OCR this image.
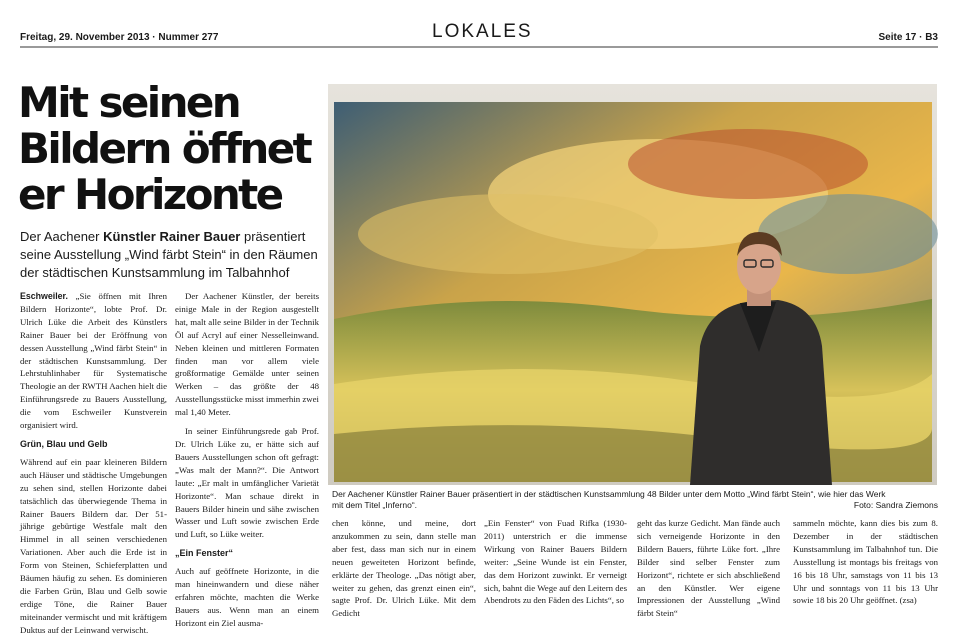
Freitag, 29. November 2013 · Nummer 277	LOKALES	Seite 17 · B3
Mit seinen
Bildern öffnet
er Horizonte
Der Aachener Künstler Rainer Bauer präsentiert
seine Ausstellung „Wind färbt Stein“ in den Räumen
der städtischen Kunstsammlung im Talbahnhof

Eschweiler. „Sie öffnen mit Ihren Bildern Horizonte“, lobte Prof. Dr. Ulrich Lüke die Arbeit des Künstlers Rainer Bauer bei der Eröffnung von dessen Ausstellung „Wind färbt Stein“ in der städtischen Kunstsammlung. Der Lehrstuhlinhaber für Systematische Theologie an der RWTH Aachen hielt die Einführungsrede zu Bauers Ausstellung, die vom Eschweiler Kunstverein organisiert wird.

Grün, Blau und Gelb

Während auf ein paar kleineren Bildern auch Häuser und städtische Umgebungen zu sehen sind, stellen Horizonte dabei tatsächlich das überwiegende Thema in Rainer Bauers Bildern dar. Der 51-jährige gebürtige Westfale malt den Himmel in all seinen verschiedenen Variationen. Aber auch die Erde ist in Form von Steinen, Schieferplatten und Bäumen häufig zu sehen. Es dominieren die Farben Grün, Blau und Gelb sowie erdige Töne, die Rainer Bauer miteinander vermischt und mit kräftigem Duktus auf der Leinwand verwischt.

Der Aachener Künstler, der bereits einige Male in der Region ausgestellt hat, malt alle seine Bilder in der Technik Öl auf Acryl auf einer Nesselleinwand. Neben kleinen und mittleren Formaten finden man vor allem viele großformatige Gemälde unter seinen Werken – das größte der 48 Ausstellungsstücke misst immerhin zwei mal 1,40 Meter.

In seiner Einführungsrede gab Prof. Dr. Ulrich Lüke zu, er hätte sich auf Bauers Ausstellungen schon oft gefragt: „Was malt der Mann?“. Die Antwort laute: „Er malt in umfänglicher Varietät Horizonte“. Man schaue direkt in Bauers Bilder hinein und sähe zwischen Wasser und Luft sowie zwischen Erde und Luft, so Lüke weiter.

„Ein Fenster“

Auch auf geöffnete Horizonte, in die man hineinwandern und diese näher erfahren möchte, machten die Werke Bauers aus. Wenn man an einem Horizont ein Ziel ausma-

Der Aachener Künstler Rainer Bauer präsentiert in der städtischen Kunstsammlung 48 Bilder unter dem Motto „Wind färbt Stein“, wie hier das Werk
mit dem Titel „Inferno“.	Foto: Sandra Ziemons

chen könne, und meine, dort anzukommen zu sein, dann stelle man aber fest, dass man sich nur in einem neuen geweiteten Horizont befinde, erklärte der Theologe. „Das nötigt aber, weiter zu gehen, das grenzt einen ein“, sagte Prof. Dr. Ulrich Lüke. Mit dem Gedicht

„Ein Fenster“ von Fuad Rifka (1930-2011) unterstrich er die immense Wirkung von Rainer Bauers Bildern weiter: „Seine Wunde ist ein Fenster, das dem Horizont zuwinkt. Er verneigt sich, bahnt die Wege auf den Leitern des Abendrots zu den Fäden des Lichts“, so

geht das kurze Gedicht. Man fände auch sich verneigende Horizonte in den Bildern Bauers, führte Lüke fort. „Ihre Bilder sind selber Fenster zum Horizont“, richtete er sich abschließend an den Künstler. Wer eigene Impressionen der Ausstellung „Wind färbt Stein“

sammeln möchte, kann dies bis zum 8. Dezember in der städtischen Kunstsammlung im Talbahnhof tun. Die Ausstellung ist montags bis freitags von 16 bis 18 Uhr, samstags von 11 bis 13 Uhr und sonntags von 11 bis 13 Uhr sowie 18 bis 20 Uhr geöffnet. (zsa)
